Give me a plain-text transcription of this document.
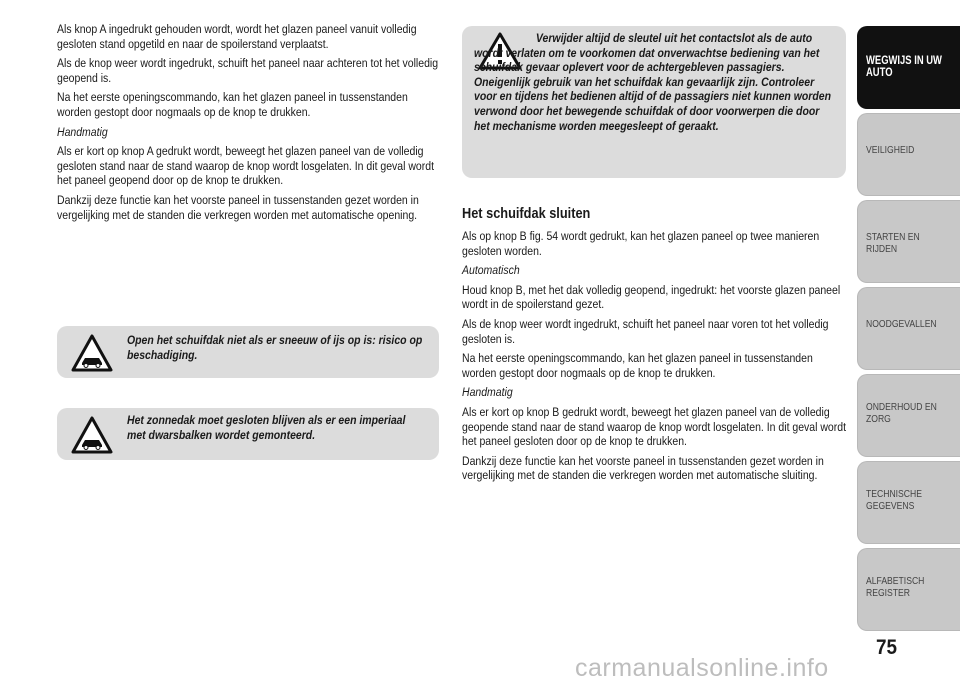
Als knop A ingedrukt gehouden wordt, wordt het glazen paneel vanuit volledig gesloten stand opgetild en naar de spoilerstand verplaatst.

Als de knop weer wordt ingedrukt, schuift het paneel naar achteren tot het volledig geopend is.

Na het eerste openingscommando, kan het glazen paneel in tussenstanden worden gestopt door nogmaals op de knop te drukken.

Handmatig

Als er kort op knop A gedrukt wordt, beweegt het glazen paneel van de volledig gesloten stand naar de stand waarop de knop wordt losgelaten. In dit geval wordt het paneel geopend door op de knop te drukken.

Dankzij deze functie kan het voorste paneel in tussenstanden gezet worden in vergelijking met de standen die verkregen worden met automatische opening.

Open het schuifdak niet als er sneeuw of ijs op is: risico op beschadiging.

Het zonnedak moet gesloten blijven als er een imperiaal met dwarsbalken wordet gemonteerd.

Verwijder altijd de sleutel uit het contactslot als de auto wordt verlaten om te voorkomen dat onverwachtse bediening van het schuifdak gevaar oplevert voor de achtergebleven passagiers. Oneigenlijk gebruik van het schuifdak kan gevaarlijk zijn. Controleer voor en tijdens het bedienen altijd of de passagiers niet kunnen worden verwond door het bewegende schuifdak of door voorwerpen die door het mechanisme worden meegesleept of geraakt.

Het schuifdak sluiten

Als op knop B fig. 54 wordt gedrukt, kan het glazen paneel op twee manieren gesloten worden.

Automatisch

Houd knop B, met het dak volledig geopend, ingedrukt: het voorste glazen paneel wordt in de spoilerstand gezet.

Als de knop weer wordt ingedrukt, schuift het paneel naar voren tot het volledig gesloten is.

Na het eerste openingscommando, kan het glazen paneel in tussenstanden worden gestopt door nogmaals op de knop te drukken.

Handmatig

Als er kort op knop B gedrukt wordt, beweegt het glazen paneel van de volledig geopende stand naar de stand waarop de knop wordt losgelaten. In dit geval wordt het paneel gesloten door op de knop te drukken.

Dankzij deze functie kan het voorste paneel in tussenstanden gezet worden in vergelijking met de standen die verkregen worden met automatische sluiting.

WEGWIJS IN UW AUTO
VEILIGHEID
STARTEN EN RIJDEN
NOODGEVALLEN
ONDERHOUD EN ZORG
TECHNISCHE GEGEVENS
ALFABETISCH REGISTER
75
carmanualsonline.info
